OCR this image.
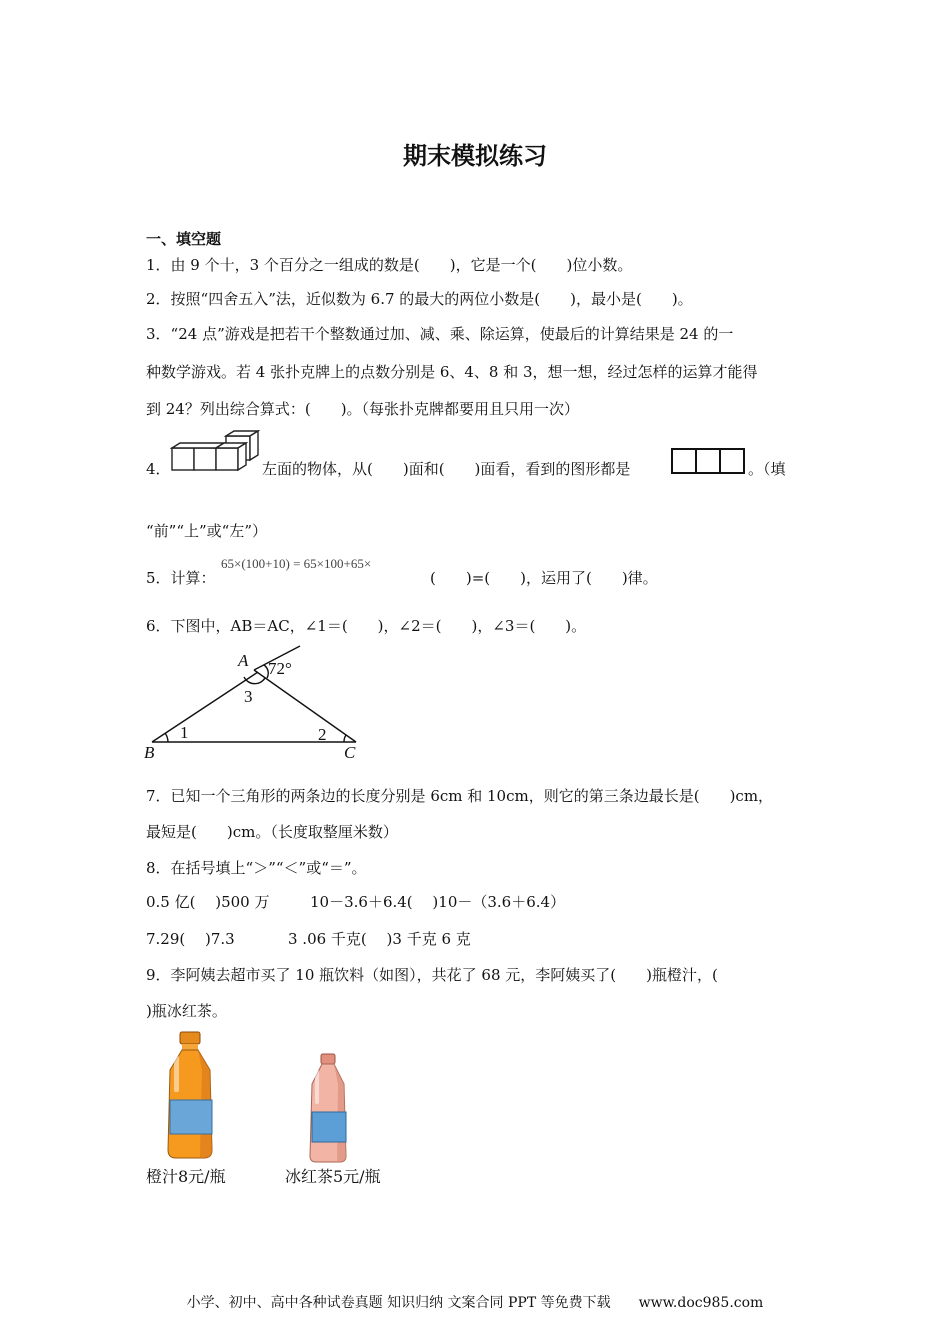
期末模拟练习
一、填空题
1．由 9 个十，3 个百分之一组成的数是(　　)，它是一个(　　)位小数。
2．按照“四舍五入”法，近似数为 6.7 的最大的两位小数是(　　)，最小是(　　)。
3．“24 点”游戏是把若干个整数通过加、减、乘、除运算，使最后的计算结果是 24 的一
种数学游戏。若 4 张扑克牌上的点数分别是 6、4、8 和 3，想一想，经过怎样的运算才能得
到 24？列出综合算式：(　　)。（每张扑克牌都要用且只用一次）
4．	左面的物体，从(　　)面和(　　)面看，看到的图形都是	。（填
“前”“上”或“左”）
5．计算：
65×(100+10) = 65×100+65×
(　　)=(　　)，运用了(　　)律。
6．下图中，AB＝AC，∠1＝(　　)，∠2＝(　　)，∠3＝(　　)。
A
B	C
72°
3
1	2
7．已知一个三角形的两条边的长度分别是 6cm 和 10cm，则它的第三条边最长是(　　)cm，
最短是(　　)cm。（长度取整厘米数）
8．在括号填上“＞”“＜”或“＝”。
0.5 亿(　 )500 万	10－3.6＋6.4(　 )10－（3.6＋6.4）
7.29(　 )7.3	3 .06 千克(　 )3 千克 6 克
9．李阿姨去超市买了 10 瓶饮料（如图），共花了 68 元，李阿姨买了(　　)瓶橙汁，(
)瓶冰红茶。
橙汁8元/瓶	冰红茶5元/瓶
小学、初中、高中各种试卷真题 知识归纳 文案合同 PPT 等免费下载　　www.doc985.com
